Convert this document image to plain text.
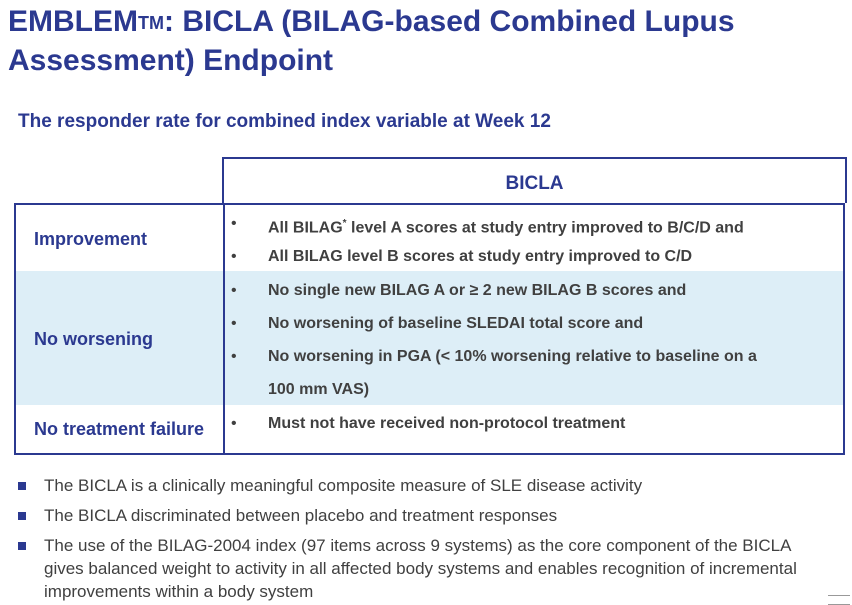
EMBLEM™: BICLA (BILAG-based Combined Lupus Assessment) Endpoint
The responder rate for combined index variable at Week 12
BICLA
Improvement
• All BILAG* level A scores at study entry improved to B/C/D and
• All BILAG level B scores at study entry improved to C/D
No worsening
• No single new BILAG A or ≥ 2 new BILAG B scores and
• No worsening of baseline SLEDAI total score and
• No worsening in PGA (< 10% worsening relative to baseline on a
100 mm VAS)
No treatment failure • Must not have received non-protocol treatment
The BICLA is a clinically meaningful composite measure of SLE disease activity
The BICLA discriminated between placebo and treatment responses
The use of the BILAG-2004 index (97 items across 9 systems) as the core component of the BICLA gives balanced weight to activity in all affected body systems and enables recognition of incremental improvements within a body system
